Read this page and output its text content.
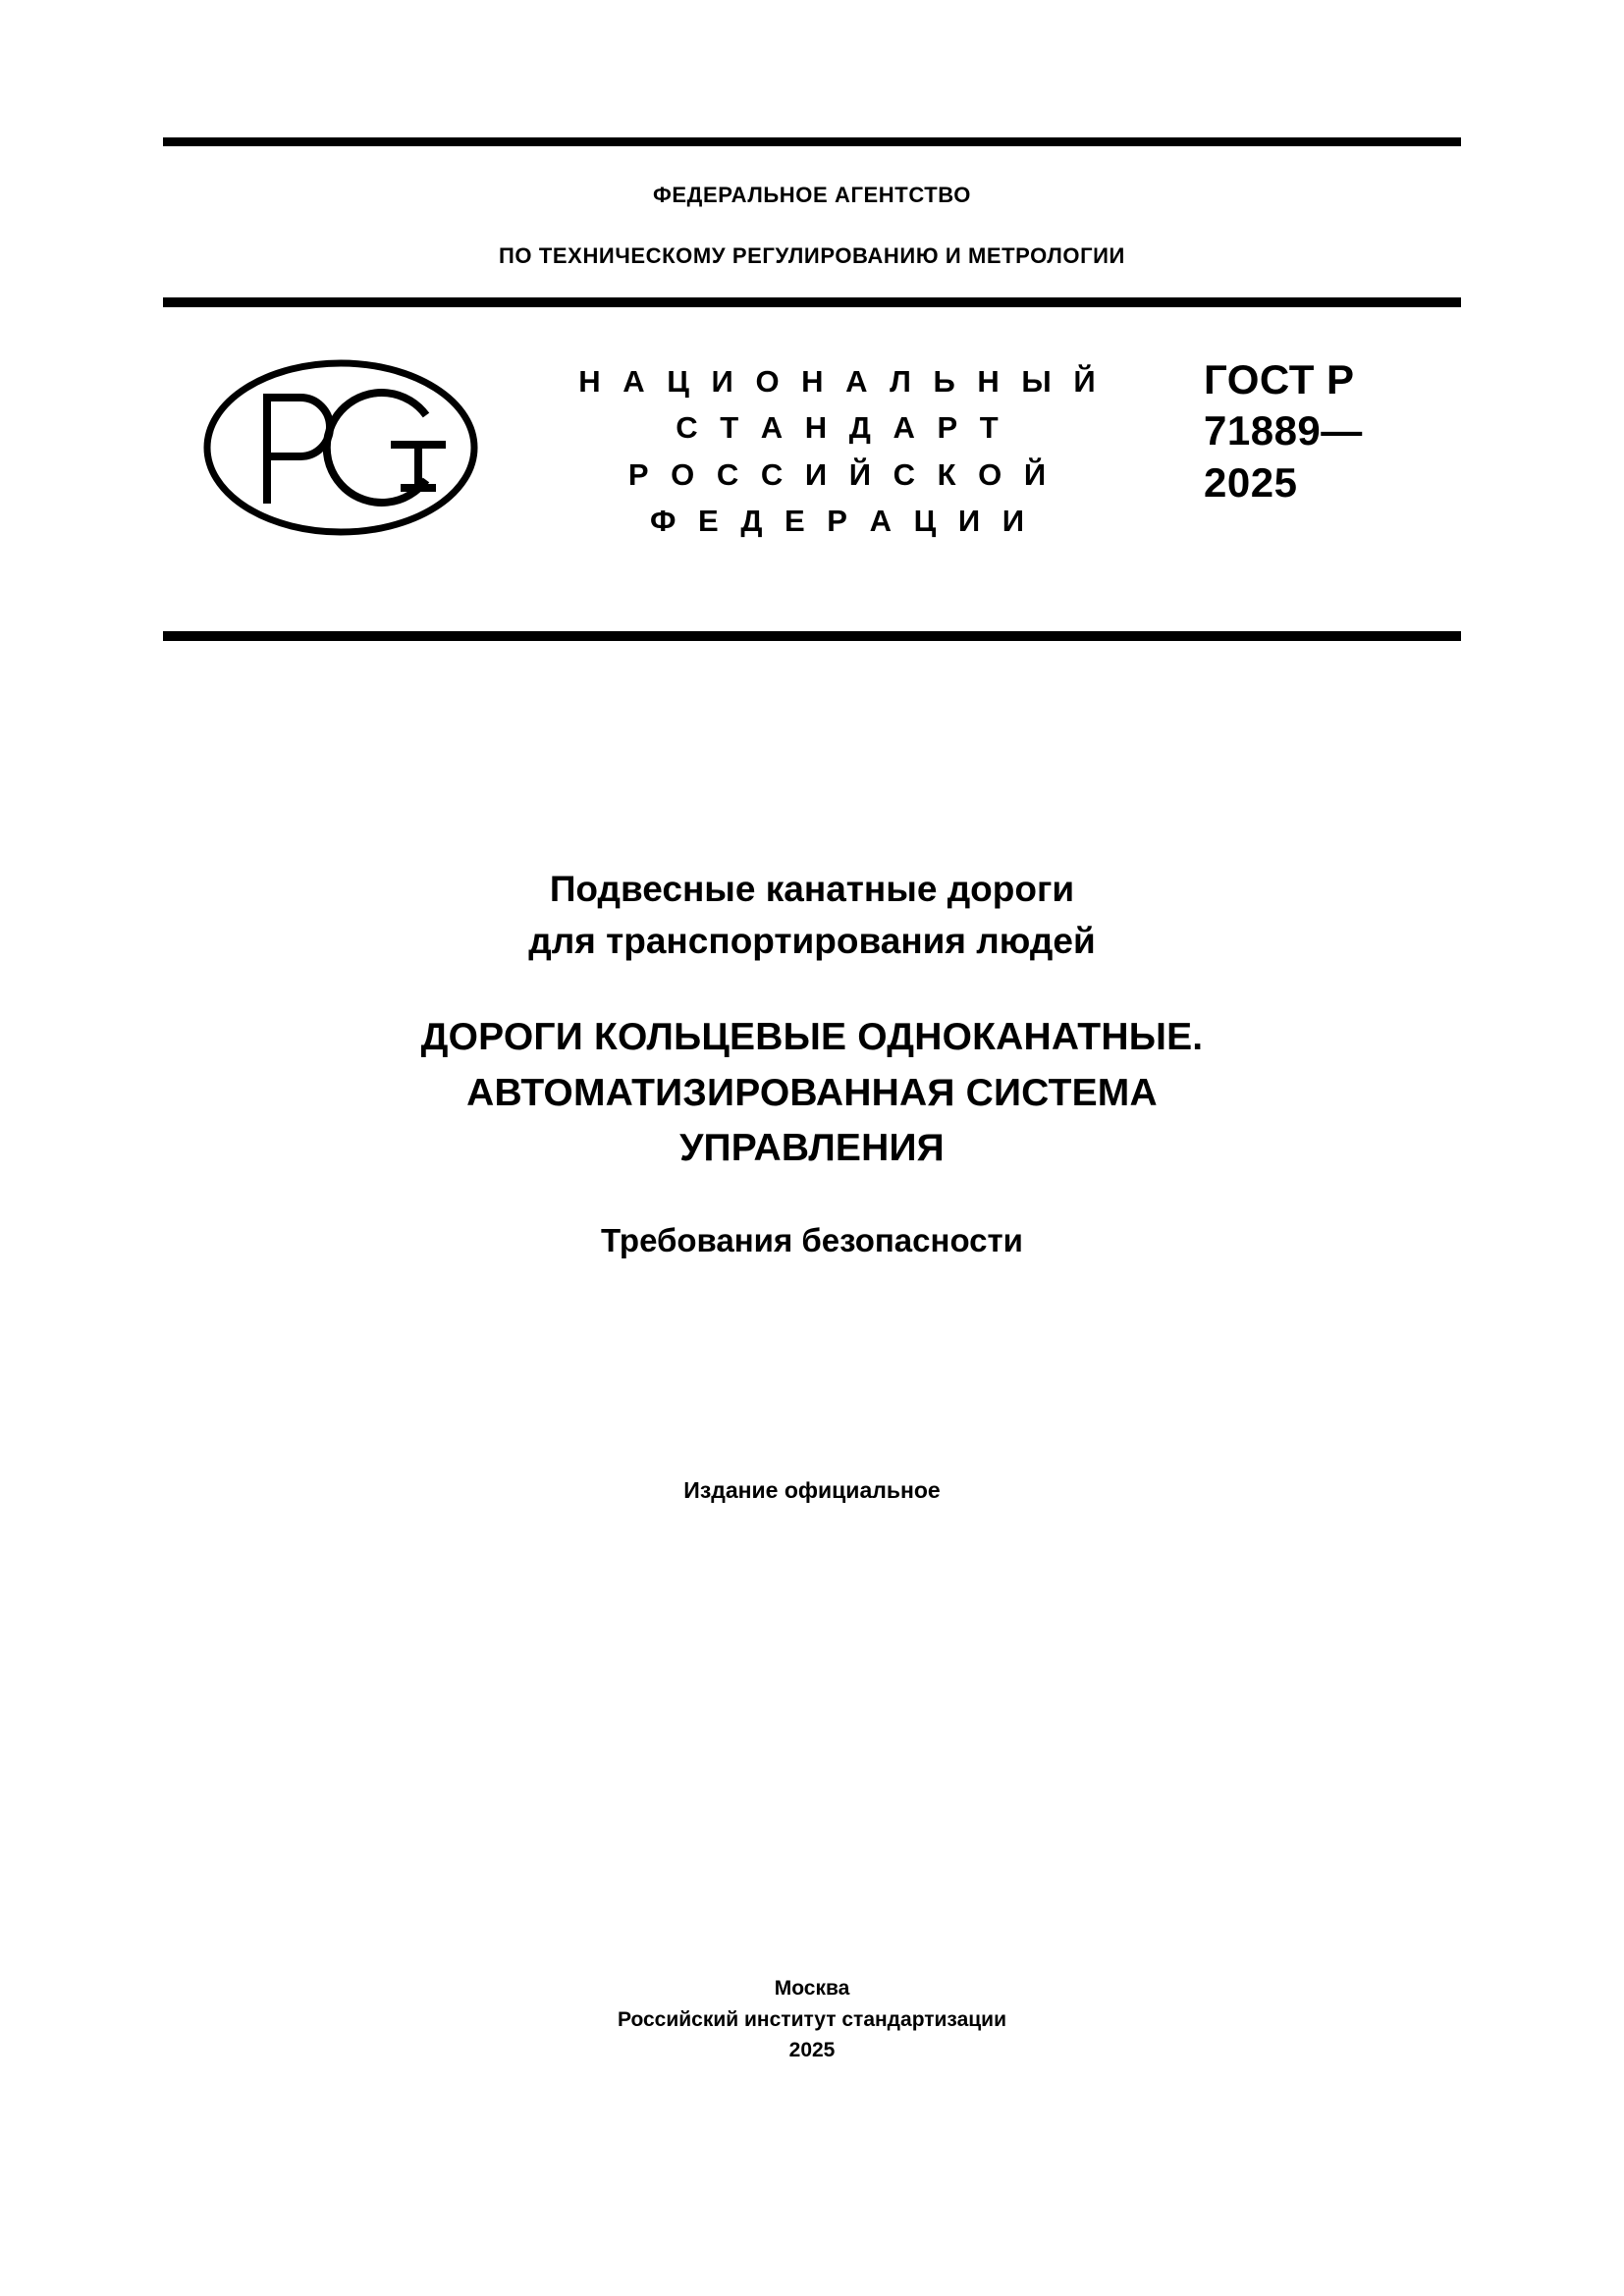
ФЕДЕРАЛЬНОЕ АГЕНТСТВО
ПО ТЕХНИЧЕСКОМУ РЕГУЛИРОВАНИЮ И МЕТРОЛОГИИ
Н А Ц И О Н А Л Ь Н Ы Й
С Т А Н Д А Р Т
Р О С С И Й С К О Й
Ф Е Д Е Р А Ц И И
ГОСТ Р
71889—
2025
Подвесные канатные дороги
для транспортирования людей
ДОРОГИ КОЛЬЦЕВЫЕ ОДНОКАНАТНЫЕ.
АВТОМАТИЗИРОВАННАЯ СИСТЕМА
УПРАВЛЕНИЯ
Требования безопасности
Издание официальное
Москва
Российский институт стандартизации
2025
